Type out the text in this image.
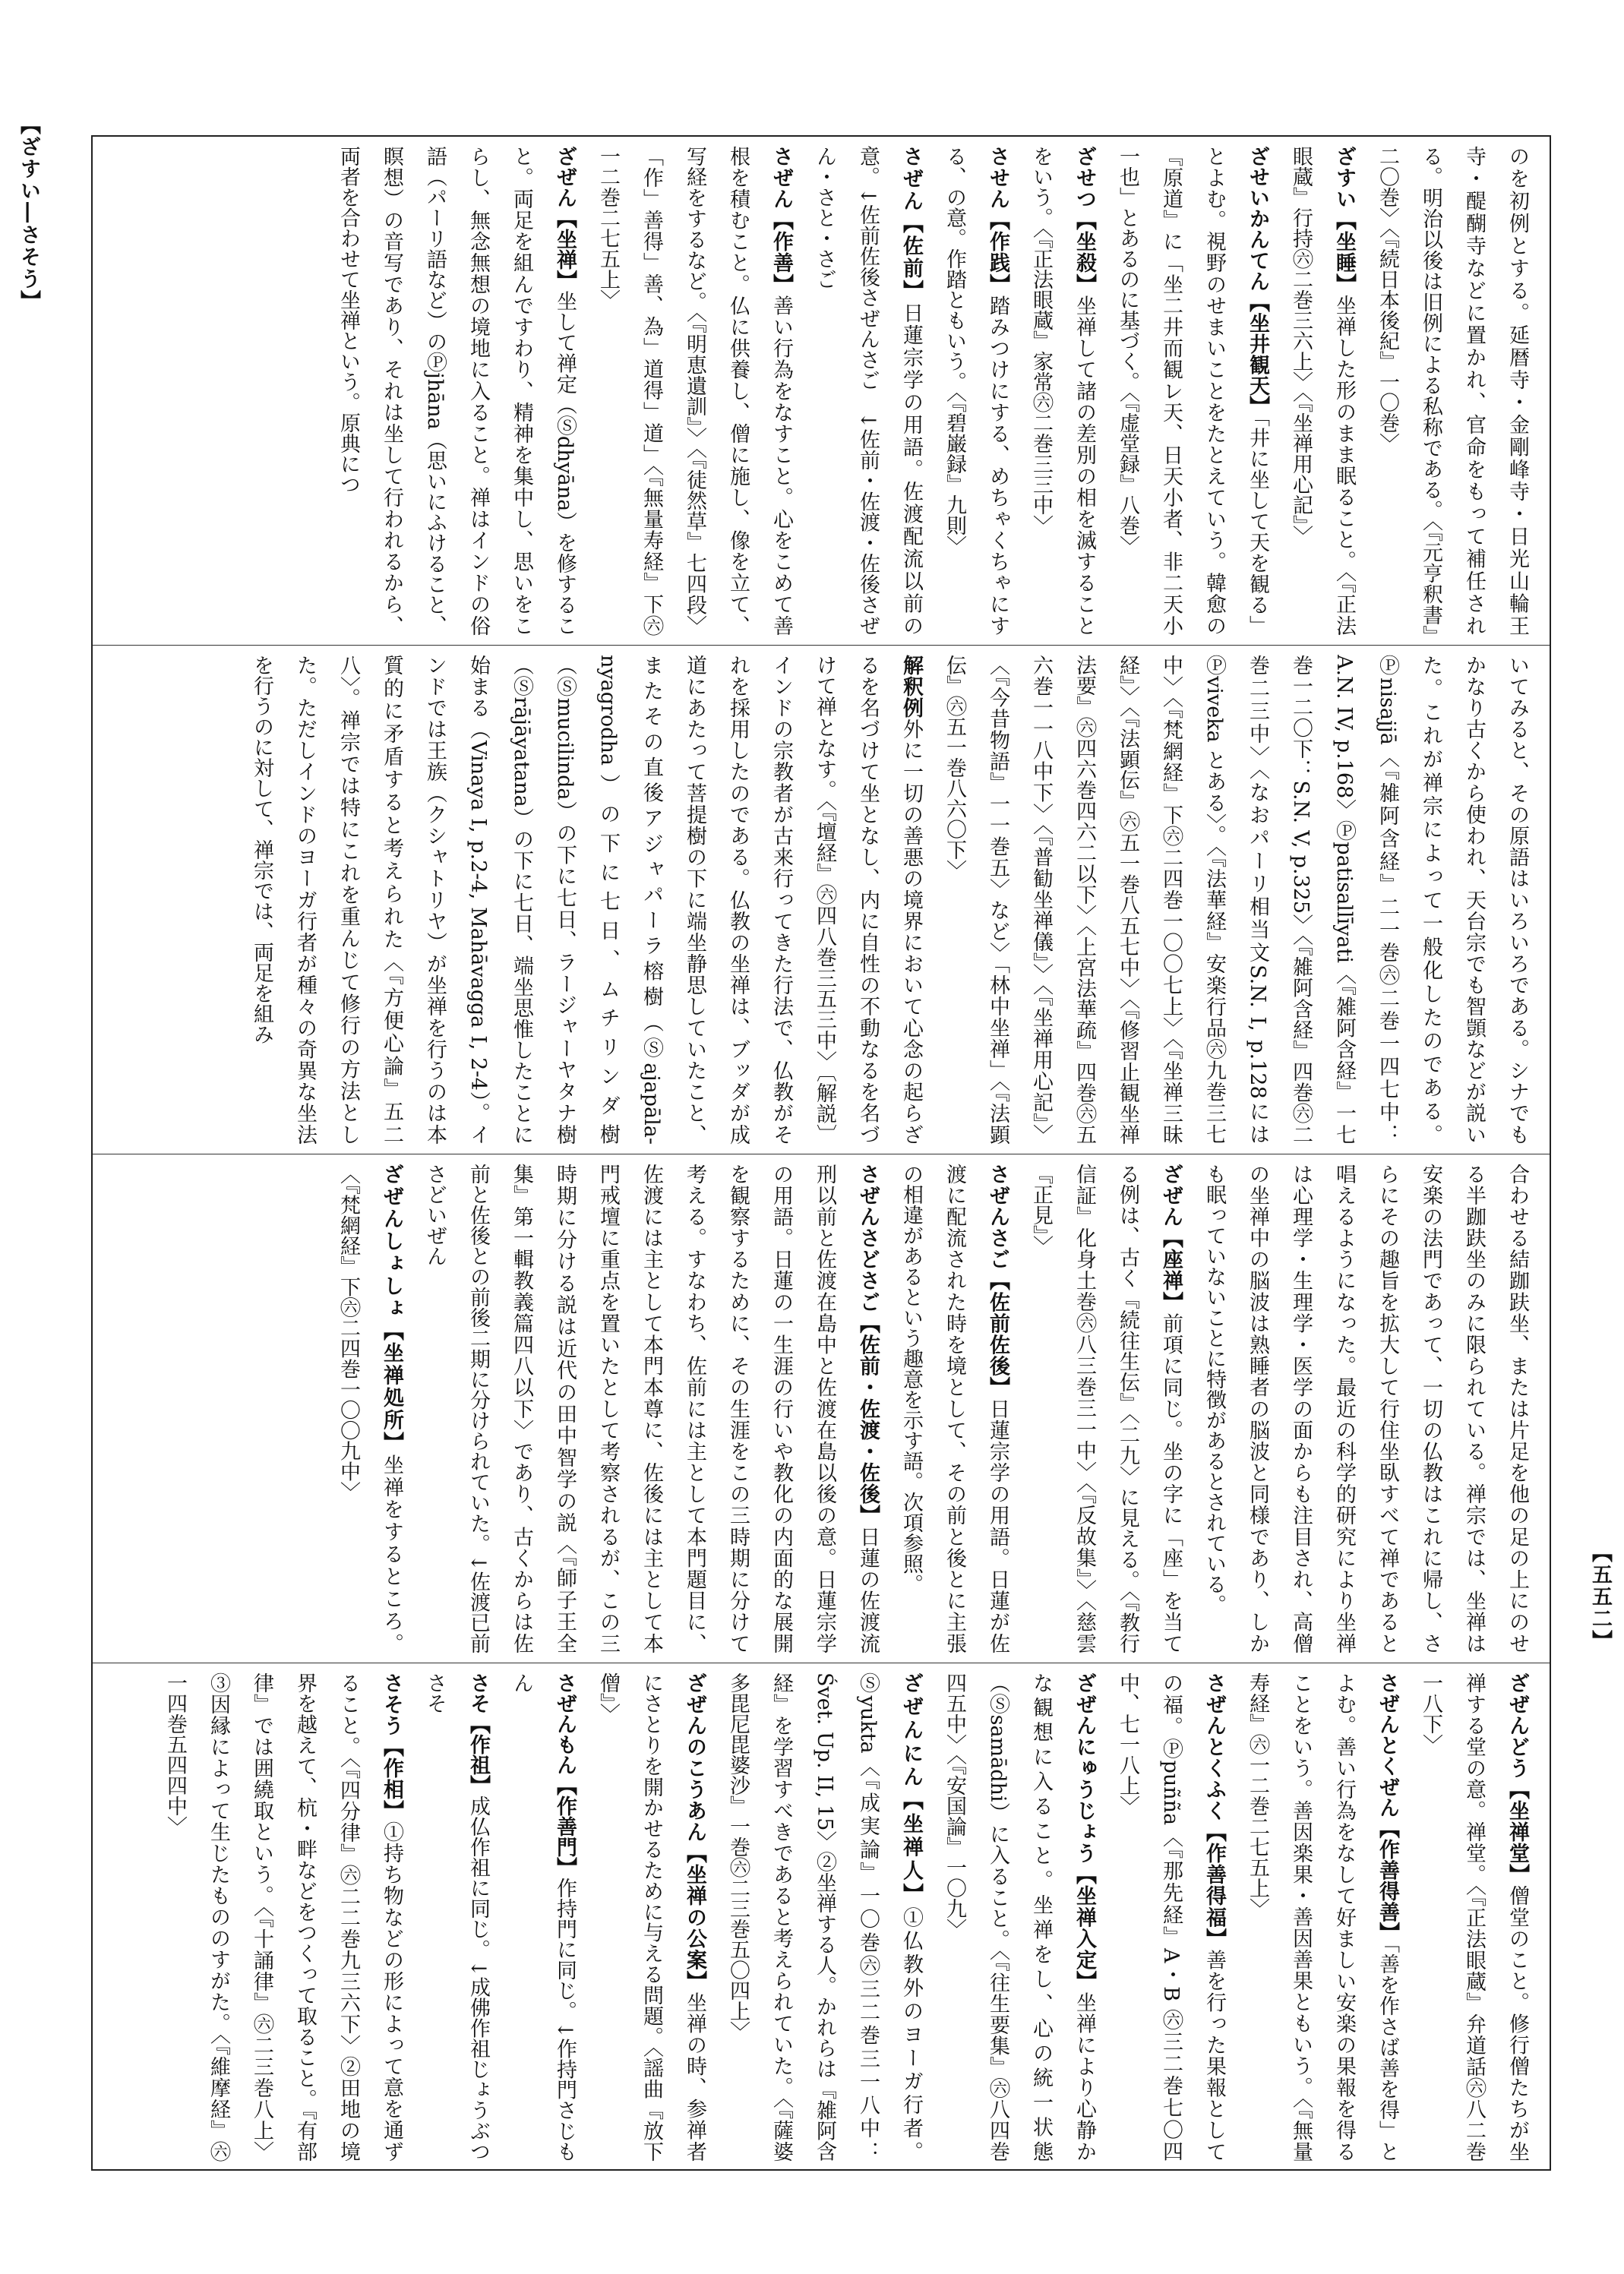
【ざすい―さそう】
【五五二】
のを初例とする。延暦寺・金剛峰寺・日光山輪王寺・醍醐寺などに置かれ、官命をもって補任される。明治以後は旧例による私称である。〈『元亨釈書』二〇巻〉〈『続日本後紀』一〇巻〉
ざすい【坐睡】坐禅した形のまま眠ること。〈『正法眼蔵』行持㊅二巻三六上〉〈『坐禅用心記』〉
ざせいかんてん【坐井観天】「井に坐して天を観る」とよむ。視野のせまいことをたとえていう。韓愈の『原道』に「坐二井而観レ天、日天小者、非二天小一也」とあるのに基づく。〈『虚堂録』八巻〉
ざせつ【坐殺】坐禅して諸の差別の相を滅することをいう。〈『正法眼蔵』家常㊅二巻三三中〉
させん【作践】踏みつけにする、めちゃくちゃにする、の意。作踏ともいう。〈『碧巌録』九則〉
さぜん【佐前】日蓮宗学の用語。佐渡配流以前の意。↓佐前佐後さぜんさご　↓佐前・佐渡・佐後さぜん・さと・さご
さぜん【作善】善い行為をなすこと。心をこめて善根を積むこと。仏に供養し、僧に施し、像を立て、写経をするなど。〈『明恵遺訓』〉〈『徒然草』七四段〉「作」善得」善、為」道得」道」〈『無量寿経』下㊅一二巻二七五上〉
ざぜん【坐禅】坐して禅定（Ⓢdhyāna）を修すること。両足を組んですわり、精神を集中し、思いをこらし、無念無想の境地に入ること。禅はインドの俗語（パーリ語など）のⓅjhāna（思いにふけること、瞑想）の音写であり、それは坐して行われるから、両者を合わせて坐禅という。原典につ
いてみると、その原語はいろいろである。シナでもかなり古くから使われ、天台宗でも智顗などが説いた。これが禅宗によって一般化したのである。Ⓟnisajjā〈『雑阿含経』二一巻㊅二巻一四七中：A.N. IV, p.168〉Ⓟpatisallīyati〈『雑阿含経』一七巻一二〇下：S.N. V, p.325〉〈『雑阿含経』四巻㊅二巻二三中〉〈なおパーリ相当文S.N. I, p.128にはⓅviveka とある〉。〈『法華経』安楽行品㊅九巻三七中〉〈『梵網経』下㊅二四巻一〇〇七上〉〈『坐禅三昧経』〉〈『法顕伝』㊅五一巻八五七中〉〈『修習止観坐禅法要』㊅四六巻四六二以下〉〈上宮法華疏』四巻㊅五六巻一一八中下〉〈『普勧坐禅儀』〉〈『坐禅用心記』〉〈『今昔物語』一一巻五〉など〉「林中坐禅」〈『法顕伝』㊅五一巻八六〇下〉
解釈例外に一切の善悪の境界において心念の起らざるを名づけて坐となし、内に自性の不動なるを名づけて禅となす。〈『壇経』㊅四八巻三五三中〉〔解説〕インドの宗教者が古来行ってきた行法で、仏教がそれを採用したのである。仏教の坐禅は、ブッダが成道にあたって菩提樹の下に端坐静思していたこと、またその直後アジャパーラ榕樹（Ⓢajapāla-nyagrodha）の下に七日、ムチリンダ樹（Ⓢmucilinda）の下に七日、ラージャーヤタナ樹（Ⓢrājāyatana）の下に七日、端坐思惟したことに始まる（Vinaya I, p.2-4, Mahāvagga I, 2-4）。インドでは王族（クシャトリヤ）が坐禅を行うのは本質的に矛盾すると考えられた〈『方便心論』五二八〉。禅宗では特にこれを重んじて修行の方法とした。ただしインドのヨーガ行者が種々の奇異な坐法を行うのに対して、禅宗では、両足を組み
合わせる結跏趺坐、または片足を他の足の上にのせる半跏趺坐のみに限られている。禅宗では、坐禅は安楽の法門であって、一切の仏教はこれに帰し、さらにその趣旨を拡大して行住坐臥すべて禅であると唱えるようになった。最近の科学的研究により坐禅は心理学・生理学・医学の面からも注目され、高僧の坐禅中の脳波は熟睡者の脳波と同様であり、しかも眠っていないことに特徴があるとされている。
ざぜん【座禅】前項に同じ。坐の字に「座」を当てる例は、古く『続往生伝』〈二九〉に見える。〈『教行信証』化身土巻㊅八三巻三一中〉〈『反故集』〉〈慈雲『正見』〉
さぜんさご【佐前佐後】日蓮宗学の用語。日蓮が佐渡に配流された時を境として、その前と後とに主張の相違があるという趣意を示す語。次項参照。
さぜんさどさご【佐前・佐渡・佐後】日蓮の佐渡流刑以前と佐渡在島中と佐渡在島以後の意。日蓮宗学の用語。日蓮の一生涯の行いや教化の内面的な展開を観察するために、その生涯をこの三時期に分けて考える。すなわち、佐前には主として本門題目に、佐渡には主として本門本尊に、佐後には主として本門戒壇に重点を置いたとして考察されるが、この三時期に分ける説は近代の田中智学の説〈『師子王全集』第一輯教義篇四八以下〉であり、古くからは佐前と佐後との前後二期に分けられていた。↓佐渡已前さどいぜん
ざぜんしょしょ【坐禅処所】坐禅をするところ。〈『梵網経』下㊅二四巻一〇〇九中〉
ざぜんどう【坐禅堂】僧堂のこと。修行僧たちが坐禅する堂の意。禅堂。〈『正法眼蔵』弁道話㊅八二巻一八下〉
さぜんとくぜん【作善得善】「善を作さば善を得」とよむ。善い行為をなして好ましい安楽の果報を得ることをいう。善因楽果・善因善果ともいう。〈『無量寿経』㊅一二巻二七五上〉
さぜんとくふく【作善得福】善を行った果報としての福。Ⓟpuñña〈『那先経』A・B ㊅三二巻七〇四中、七一八上〉
ざぜんにゅうじょう【坐禅入定】坐禅により心静かな観想に入ること。坐禅をし、心の統一状態（Ⓢsamādhi）に入ること。〈『往生要集』㊅八四巻四五中〉〈『安国論』一〇九〉
ざぜんにん【坐禅人】①仏教外のヨーガ行者。Ⓢyukta〈『成実論』一〇巻㊅三二巻三一八中：Śvet. Up. II, 15〉②坐禅する人。かれらは『雑阿含経』を学習すべきであると考えられていた。〈『薩婆多毘尼毘婆沙』一巻㊅二三巻五〇四上〉
ざぜんのこうあん【坐禅の公案】坐禅の時、参禅者にさとりを開かせるために与える問題。〈謡曲『放下僧』〉
さぜんもん【作善門】作持門に同じ。↓作持門さじもん
さそ【作祖】成仏作祖に同じ。↓成佛作祖じょうぶつさそ
さそう【作相】①持ち物などの形によって意を通ずること。〈『四分律』㊅二二巻九三六下〉②田地の境界を越えて、杭・畔などをつくって取ること。『有部律』では囲繞取という。〈『十誦律』㊅二三巻八上〉③因縁によって生じたもののすがた。〈『維摩経』㊅一四巻五四四中〉
